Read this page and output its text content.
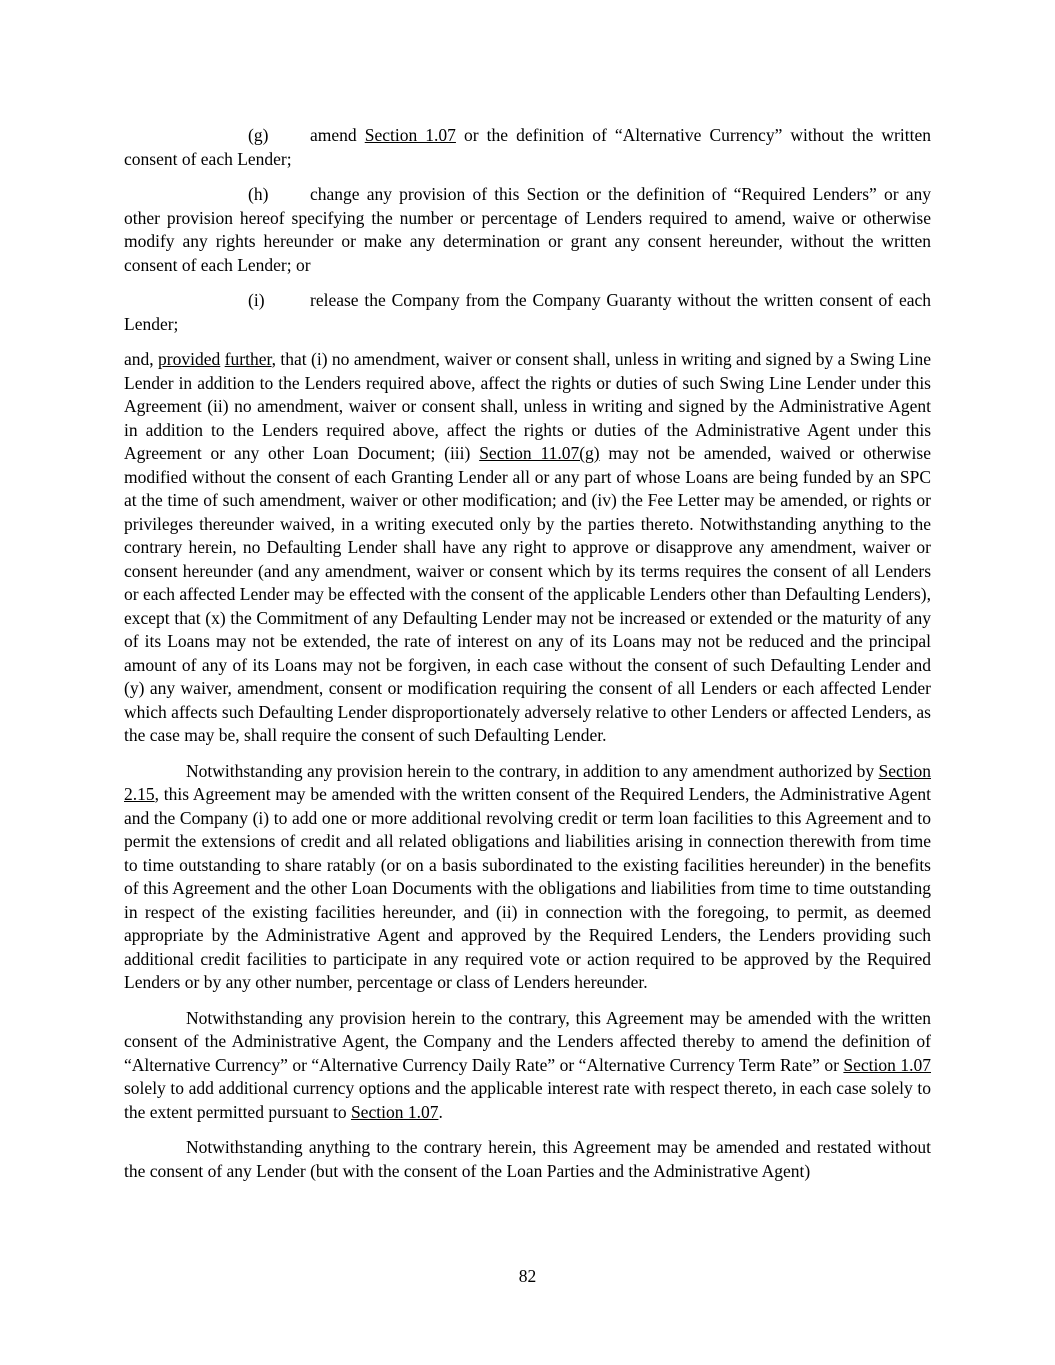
(g) amend Section 1.07 or the definition of “Alternative Currency” without the written consent of each Lender;

(h) change any provision of this Section or the definition of “Required Lenders” or any other provision hereof specifying the number or percentage of Lenders required to amend, waive or otherwise modify any rights hereunder or make any determination or grant any consent hereunder, without the written consent of each Lender; or

(i)	release the Company from the Company Guaranty without the written consent of each Lender;

and, provided further, that (i) no amendment, waiver or consent shall, unless in writing and signed by a Swing Line Lender in addition to the Lenders required above, affect the rights or duties of such Swing Line Lender under this Agreement (ii) no amendment, waiver or consent shall, unless in writing and signed by the Administrative Agent in addition to the Lenders required above, affect the rights or duties of the Administrative Agent under this Agreement or any other Loan Document; (iii) Section 11.07(g) may not be amended, waived or otherwise modified without the consent of each Granting Lender all or any part of whose Loans are being funded by an SPC at the time of such amendment, waiver or other modification; and (iv) the Fee Letter may be amended, or rights or privileges thereunder waived, in a writing executed only by the parties thereto. Notwithstanding anything to the contrary herein, no Defaulting Lender shall have any right to approve or disapprove any amendment, waiver or consent hereunder (and any amendment, waiver or consent which by its terms requires the consent of all Lenders or each affected Lender may be effected with the consent of the applicable Lenders other than Defaulting Lenders), except that (x) the Commitment of any Defaulting Lender may not be increased or extended or the maturity of any of its Loans may not be extended, the rate of interest on any of its Loans may not be reduced and the principal amount of any of its Loans may not be forgiven, in each case without the consent of such Defaulting Lender and (y) any waiver, amendment, consent or modification requiring the consent of all Lenders or each affected Lender which affects such Defaulting Lender disproportionately adversely relative to other Lenders or affected Lenders, as the case may be, shall require the consent of such Defaulting Lender.

Notwithstanding any provision herein to the contrary, in addition to any amendment authorized by Section 2.15, this Agreement may be amended with the written consent of the Required Lenders, the Administrative Agent and the Company (i) to add one or more additional revolving credit or term loan facilities to this Agreement and to permit the extensions of credit and all related obligations and liabilities arising in connection therewith from time to time outstanding to share ratably (or on a basis subordinated to the existing facilities hereunder) in the benefits of this Agreement and the other Loan Documents with the obligations and liabilities from time to time outstanding in respect of the existing facilities hereunder, and (ii) in connection with the foregoing, to permit, as deemed appropriate by the Administrative Agent and approved by the Required Lenders, the Lenders providing such additional credit facilities to participate in any required vote or action required to be approved by the Required Lenders or by any other number, percentage or class of Lenders hereunder.

Notwithstanding any provision herein to the contrary, this Agreement may be amended with the written consent of the Administrative Agent, the Company and the Lenders affected thereby to amend the definition of “Alternative Currency” or “Alternative Currency Daily Rate” or “Alternative Currency Term Rate” or Section 1.07 solely to add additional currency options and the applicable interest rate with respect thereto, in each case solely to the extent permitted pursuant to Section 1.07.

Notwithstanding anything to the contrary herein, this Agreement may be amended and restated without the consent of any Lender (but with the consent of the Loan Parties and the Administrative Agent)

82
